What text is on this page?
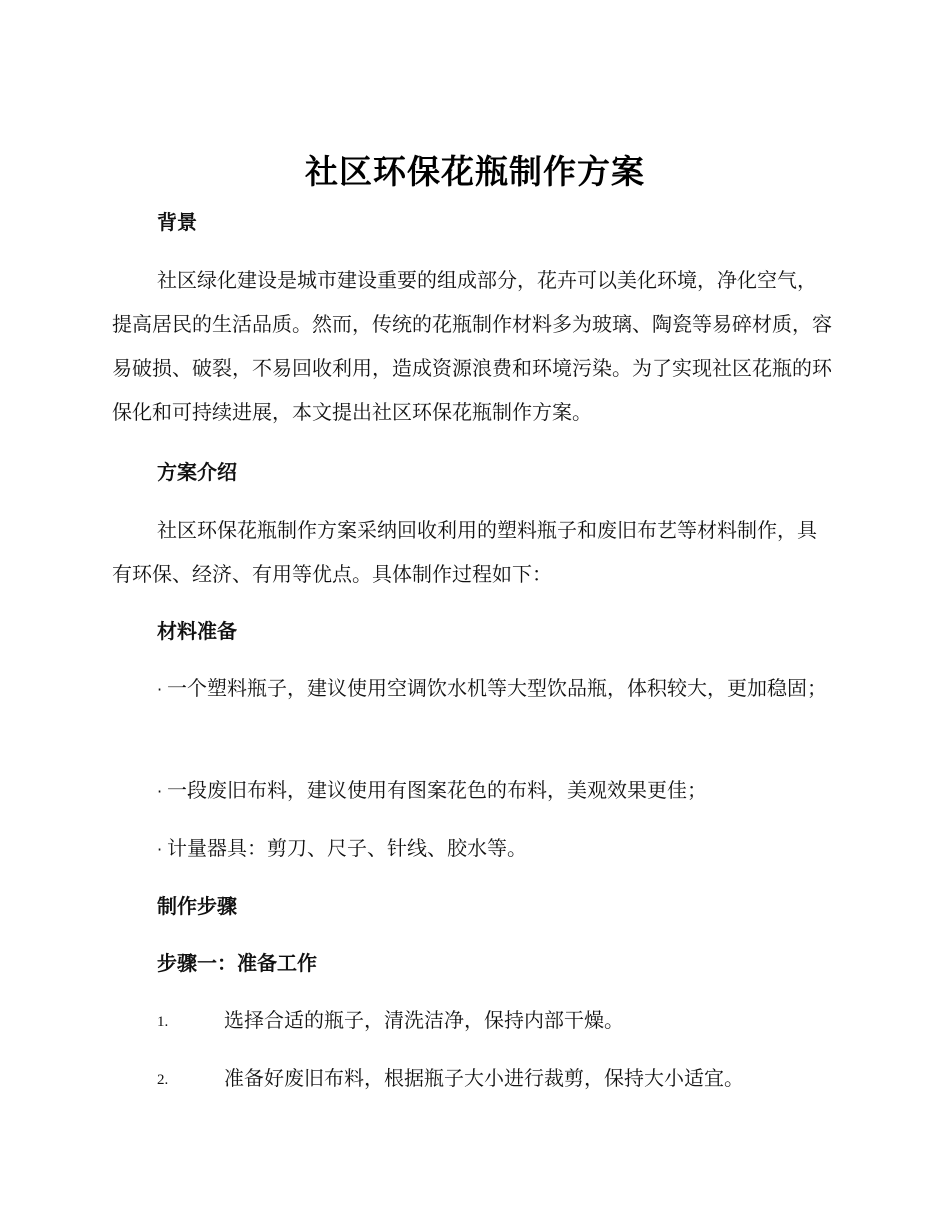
社区环保花瓶制作方案
背景

社区绿化建设是城市建设重要的组成部分，花卉可以美化环境，净化空气，提高居民的生活品质。然而，传统的花瓶制作材料多为玻璃、陶瓷等易碎材质，容易破损、破裂，不易回收利用，造成资源浪费和环境污染。为了实现社区花瓶的环保化和可持续进展，本文提出社区环保花瓶制作方案。

方案介绍

社区环保花瓶制作方案采纳回收利用的塑料瓶子和废旧布艺等材料制作，具有环保、经济、有用等优点。具体制作过程如下：

材料准备

· 一个塑料瓶子，建议使用空调饮水机等大型饮品瓶，体积较大，更加稳固；

· 一段废旧布料，建议使用有图案花色的布料，美观效果更佳；

· 计量器具：剪刀、尺子、针线、胶水等。

制作步骤
步骤一：准备工作
1.	选择合适的瓶子，清洗洁净，保持内部干燥。
2.	准备好废旧布料，根据瓶子大小进行裁剪，保持大小适宜。
